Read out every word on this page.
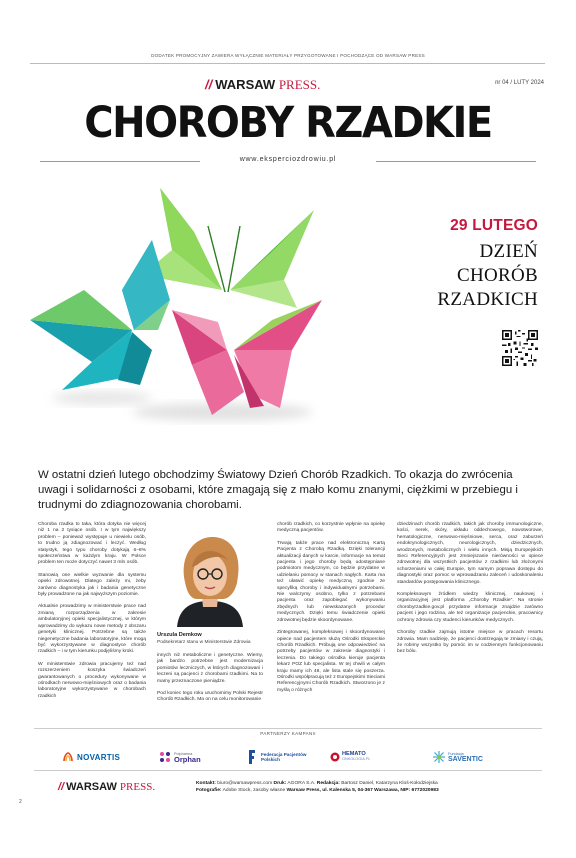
DODATEK PROMOCYJNY ZAWIERA WYŁĄCZNIE MATERIAŁY PRZYGOTOWANE I POCHODZĄCE OD WARSAW PRESS
// WARSAW PRESS.	nr 04 / LUTY 2024
CHOROBY RZADKIE
www.eksperciozdrowiu.pl
29 LUTEGO
DZIEŃ
CHORÓB
RZADKICH
W ostatni dzień lutego obchodzimy Światowy Dzień Chorób Rzadkich. To okazja do zwrócenia uwagi i solidarności z osobami, które zmagają się z mało komu znanymi, ciężkimi w przebiegu i trudnymi do zdiagnozowania chorobami.

Choroba rzadka to taka, która dotyka nie więcej niż 1 na 2 tysiące osób. I w tym największy problem – ponieważ występuje u niewielu osób, to trudno ją zdiagnozować i leczyć. Według statystyk, tego typu choroby dotykają 6–8% społeczeństwa w każdym kraju. W Polsce problem ten może dotyczyć nawet 3 mln osób.

Stanowią one wielkie wyzwanie dla systemu opieki zdrowotnej. Dlatego zależy mi, żeby zarówno diagnostyka jak i badania genetyczne były prowadzone na jak najwyższym poziomie.

Aktualnie prowadzimy w ministerstwie prace nad zmianą rozporządzenia w zakresie ambulatoryjnej opieki specjalistycznej, w którym wprowadzimy do wykazu nowe metody z obszaru genetyki klinicznej. Potrzebne są także niegenetyczne badania laboratoryjne, które mogą być wykorzystywane w diagnostyce chorób rzadkich – i w tym kierunku podjęliśmy kroki.

W ministerstwie zdrowia pracujemy też nad rozszerzeniem koszyka świadczeń gwarantowanych o procedury wykonywane w ośrodkach nerwowo-mięśniowych oraz o badania laboratoryjne wykorzystywane w chorobach rzadkich

Urszula Demkow
Podsekretarz stanu w Ministerstwie Zdrowia

innych niż metaboliczne i genetyczne. Wiemy, jak bardzo potrzebne jest modernizacja pomiotów leczniczych, w których diagnozowani i leczeni są pacjenci z chorobami rzadkimi. Na to mamy przeznaczone pieniądze.

Pod koniec tego roku uruchomimy Polski Rejestr Chorób Rzadkich. Ma on na celu monitorowanie

chorób rzadkich, co korzystnie wpłynie na opiekę medyczną pacjentów.

Trwają także prace nad elektroniczną Kartą Pacjenta z Chorobą Rzadką. Dzięki tolerancji aktualizacji danych w karcie, informacje na temat pacjenta i jego choroby będą udostępniane podmiotom medycznym, co będzie przydatne w udzielaniu pomocy w stanach nagłych. Karta ma też ułatwić opiekę medyczną zgodnie ze specyfiką choroby i indywidualnymi potrzebami. Nie walczymy osobno, tylko z potrzebami pacjenta oraz zapobiegać wykonywaniu zbędnych lub niewskazanych procedur medycznych. Dzięki temu świadczenie opieki zdrowotnej będzie skoordynowane.

Zintegrowanej, kompleksowej i skoordynowanej opiece nad pacjentem służą Ośrodki Eksperckie Chorób Rzadkich. Próbują one odpowiedzieć na potrzeby pacjentów w zakresie diagnostyki i leczenia. Do takiego ośrodka kieruje pacjenta lekarz POZ lub specjalista. W tej chwili w całym kraju mamy ich 48, ale lista stale się poszerza. Ośrodki współpracują też z Europejskimi Sieciami Referencyjnymi Chorób Rzadkich. Stworzono je z myślą o różnych

dziedzinach chorób rzadkich, takich jak choroby immunologiczne, kości, nerek, skóry, układu oddechowego, nowotworowe, hematologiczne, nerwowo-mięśniowe, serca, oraz zaburzeń endokrynologicznych, neurologicznych, dziedzicznych, wrodzonych, metabolicznych i wielu innych. Misją Europejskich Sieci Referencyjnych jest zmniejszanie nierówności w opiece zdrowotnej dla wszystkich pacjentów z rzadkimi lub złożonymi schorzeniami w całej Europie, tym samym poprawa dostępu do diagnostyki oraz pomoc w wprowadzaniu zaleceń i udoskonaleniu standardów postępowania klinicznego.

Kompleksowym źródłem wiedzy klinicznej, naukowej i organizacyjnej jest platforma „Choroby Rzadkie". Na stronie chorobyrzadkie.gov.pl przydatne informacje znajdzie zarówno pacjent i jego rodzina, ale też organizacje pacjenckie, pracownicy ochrony zdrowia czy studenci kierunków medycznych.

Choroby rzadkie zajmują istotne miejsce w pracach resortu zdrowia. Mam nadzieję, że pacjenci dostrzegają te zmiany i czują, że robimy wszystko by pomóc im w codziennym funkcjonowaniu bez bólu.

PARTNERZY KAMPANII
NOVARTIS	Polpharma
Orphan
Federacja Pacjentów Polskich
HEMATO
ONKOLOGIA.PL
Fundacja
SAVENTIC
// WARSAW PRESS.	Kontakt: biuro@warsawpress.com Druk: AGORA S.A. Redakcja: Bartosz Daniel, Katarzyna Kloś-Kołodziejska
Fotografie: Adobe Stock, zasoby własne Warsaw Press, ul. Kalenska 5, 04-367 Warszawa, NIP: 6772020983
2
